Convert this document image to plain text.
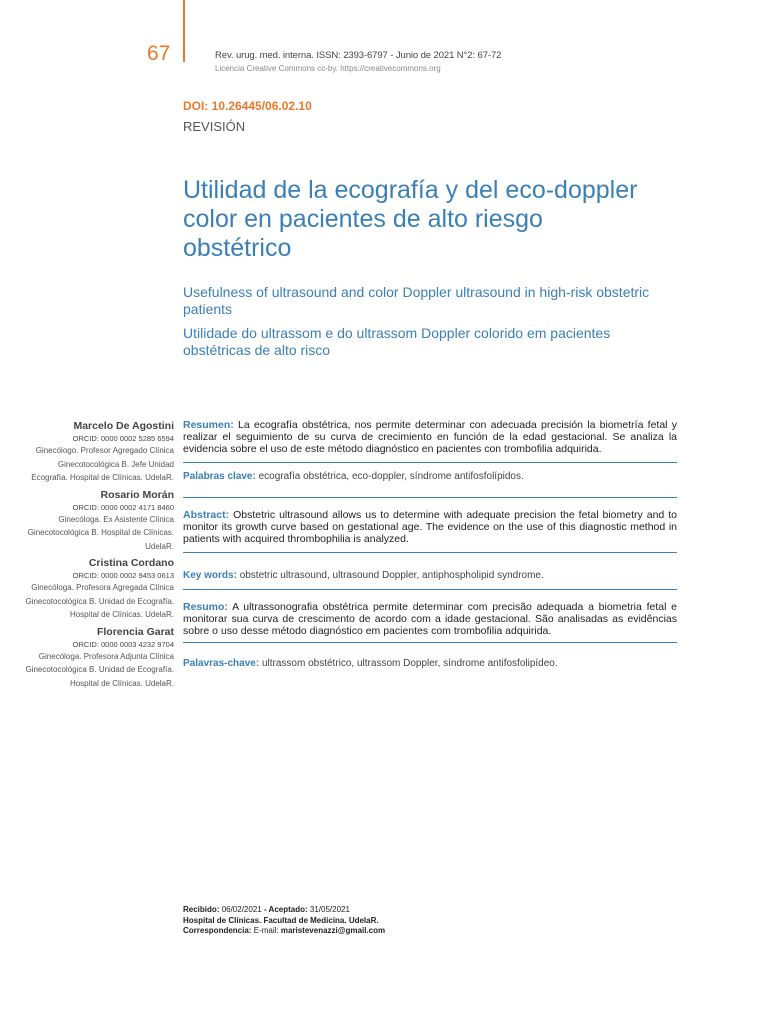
67	Rev. urug. med. interna. ISSN: 2393-6797 - Junio de 2021 N°2: 67-72
Licencia Creative Commons cc-by. https://creativecommons.org
DOI: 10.26445/06.02.10
REVISIÓN
Utilidad de la ecografía y del eco-doppler color en pacientes de alto riesgo obstétrico
Usefulness of ultrasound and color Doppler ultrasound in high-risk obstetric patients
Utilidade do ultrassom e do ultrassom Doppler colorido em pacientes obstétricas de alto risco
Marcelo De Agostini
ORCID: 0000 0002 5285 6594
Ginecólogo. Profesor Agregado Clínica Ginecotocológica B. Jefe Unidad Ecografía. Hospital de Clínicas. UdelaR.
Rosario Morán
ORCID: 0000 0002 4171 8460
Ginecóloga. Ex Asistente Clínica Ginecotocológica B. Hospital de Clínicas. UdelaR.
Cristina Cordano
ORCID: 0000 0002 9453 0613
Ginecóloga. Profesora Agregada Clínica Ginecotocológica B. Unidad de Ecografía. Hospital de Clínicas. UdelaR.
Florencia Garat
ORCID: 0000 0003 4232 9704
Ginecóloga. Profesora Adjunta Clínica Ginecotocológica B. Unidad de Ecografía. Hospital de Clínicas. UdelaR.
Resumen: La ecografía obstétrica, nos permite determinar con adecuada precisión la biometría fetal y realizar el seguimiento de su curva de crecimiento en función de la edad gestacional. Se analiza la evidencia sobre el uso de este método diagnóstico en pacientes con trombofilia adquirida.
Palabras clave: ecografía obstétrica, eco-doppler, síndrome antifosfolípidos.
Abstract: Obstetric ultrasound allows us to determine with adequate precision the fetal biometry and to monitor its growth curve based on gestational age. The evidence on the use of this diagnostic method in patients with acquired thrombophilia is analyzed.
Key words: obstetric ultrasound, ultrasound Doppler, antiphospholipid syndrome.
Resumo: A ultrassonografia obstétrica permite determinar com precisão adequada a biometria fetal e monitorar sua curva de crescimento de acordo com a idade gestacional. São analisadas as evidências sobre o uso desse método diagnóstico em pacientes com trombofilia adquirida.
Palavras-chave: ultrassom obstétrico, ultrassom Doppler, síndrome antifosfolipídeo.
Recibido: 06/02/2021 - Aceptado: 31/05/2021
Hospital de Clínicas. Facultad de Medicina. UdelaR.
Correspondencia: E-mail: maristevenazzi@gmail.com
